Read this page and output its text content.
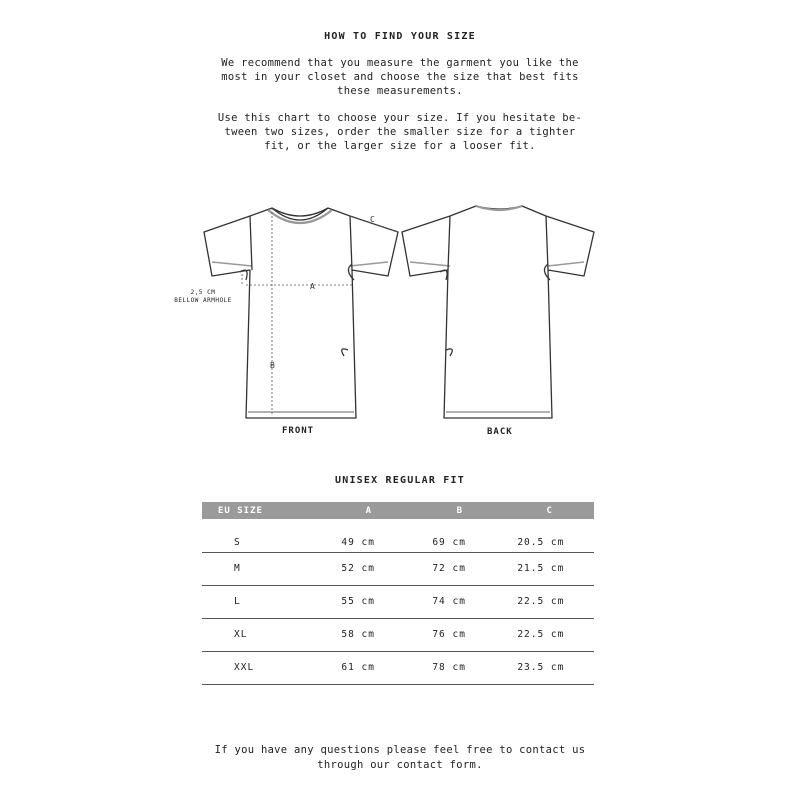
HOW TO FIND YOUR SIZE
We recommend that you measure the garment you like the
most in your closet and choose the size that best fits
these measurements.
Use this chart to choose your size. If you hesitate be-
tween two sizes, order the smaller size for a tighter
fit, or the larger size for a looser fit.
A
B
C
2,5 CM
BELLOW ARMHOLE
FRONT	BACK
UNISEX REGULAR FIT
EU SIZE	A	B	C
S	49 cm	69 cm	20.5 cm
M	52 cm	72 cm	21.5 cm
L	55 cm	74 cm	22.5 cm
XL	58 cm	76 cm	22.5 cm
XXL	61 cm	78 cm	23.5 cm
If you have any questions please feel free to contact us
through our contact form.
